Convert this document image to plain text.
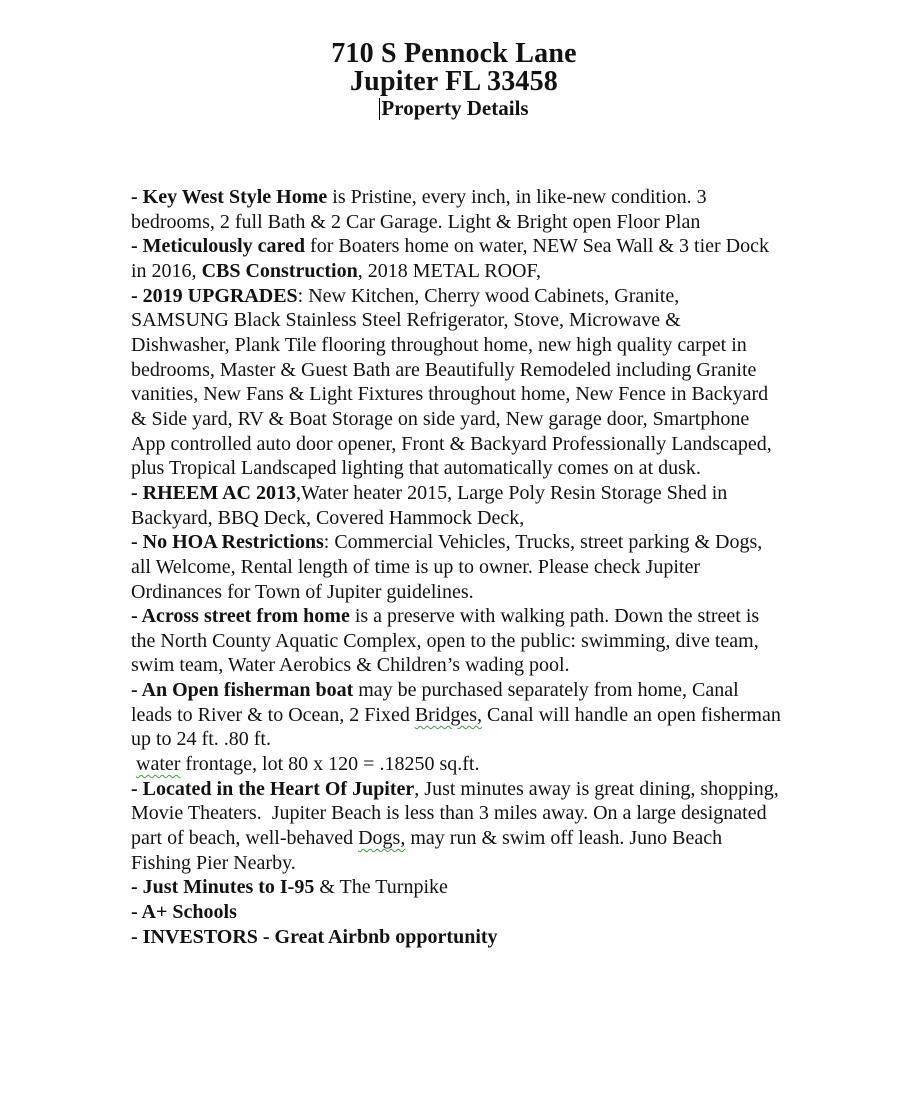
710 S Pennock Lane
Jupiter FL 33458
Property Details
- Key West Style Home is Pristine, every inch, in like-new condition. 3 bedrooms, 2 full Bath & 2 Car Garage. Light & Bright open Floor Plan
- Meticulously cared for Boaters home on water, NEW Sea Wall & 3 tier Dock in 2016, CBS Construction, 2018 METAL ROOF,
- 2019 UPGRADES: New Kitchen, Cherry wood Cabinets, Granite, SAMSUNG Black Stainless Steel Refrigerator, Stove, Microwave & Dishwasher, Plank Tile flooring throughout home, new high quality carpet in bedrooms, Master & Guest Bath are Beautifully Remodeled including Granite vanities, New Fans & Light Fixtures throughout home, New Fence in Backyard & Side yard, RV & Boat Storage on side yard, New garage door, Smartphone App controlled auto door opener, Front & Backyard Professionally Landscaped, plus Tropical Landscaped lighting that automatically comes on at dusk.
- RHEEM AC 2013,Water heater 2015, Large Poly Resin Storage Shed in Backyard, BBQ Deck, Covered Hammock Deck,
- No HOA Restrictions: Commercial Vehicles, Trucks, street parking & Dogs, all Welcome, Rental length of time is up to owner. Please check Jupiter Ordinances for Town of Jupiter guidelines.
- Across street from home is a preserve with walking path. Down the street is the North County Aquatic Complex, open to the public: swimming, dive team, swim team, Water Aerobics & Children’s wading pool.
- An Open fisherman boat may be purchased separately from home, Canal leads to River & to Ocean, 2 Fixed Bridges, Canal will handle an open fisherman up to 24 ft. .80 ft.
water frontage, lot 80 x 120 = .18250 sq.ft.
- Located in the Heart Of Jupiter, Just minutes away is great dining, shopping, Movie Theaters.  Jupiter Beach is less than 3 miles away. On a large designated part of beach, well-behaved Dogs, may run & swim off leash. Juno Beach Fishing Pier Nearby.
- Just Minutes to I-95 & The Turnpike
- A+ Schools
- INVESTORS - Great Airbnb opportunity
